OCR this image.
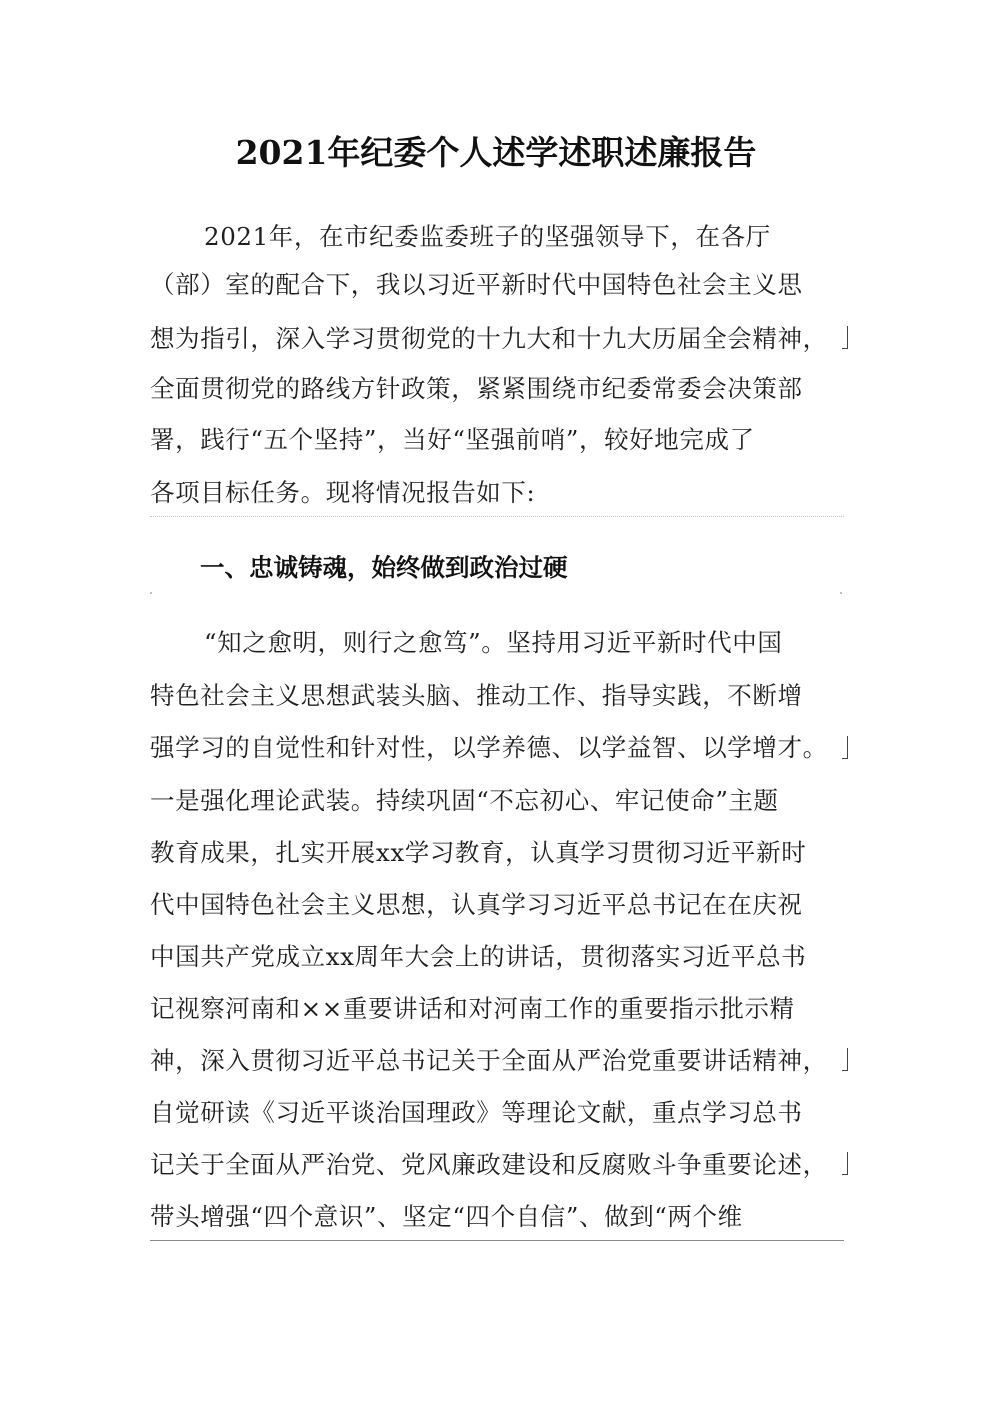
2021年纪委个人述学述职述廉报告
2021年，在市纪委监委班子的坚强领导下，在各厅
（部）室的配合下，我以习近平新时代中国特色社会主义思
想为指引，深入学习贯彻党的十九大和十九大历届全会精神，
全面贯彻党的路线方针政策，紧紧围绕市纪委常委会决策部
署，践行“五个坚持”，当好“坚强前哨”，较好地完成了
各项目标任务。现将情况报告如下:
一、忠诚铸魂，始终做到政治过硬
“知之愈明，则行之愈笃”。坚持用习近平新时代中国
特色社会主义思想武装头脑、推动工作、指导实践，不断增
强学习的自觉性和针对性，以学养德、以学益智、以学增才。
一是强化理论武装。持续巩固“不忘初心、牢记使命”主题
教育成果，扎实开展xx学习教育，认真学习贯彻习近平新时
代中国特色社会主义思想，认真学习习近平总书记在在庆祝
中国共产党成立xx周年大会上的讲话，贯彻落实习近平总书
记视察河南和××重要讲话和对河南工作的重要指示批示精
神，深入贯彻习近平总书记关于全面从严治党重要讲话精神，
自觉研读《习近平谈治国理政》等理论文献，重点学习总书
记关于全面从严治党、党风廉政建设和反腐败斗争重要论述，
带头增强“四个意识”、坚定“四个自信”、做到“两个维
